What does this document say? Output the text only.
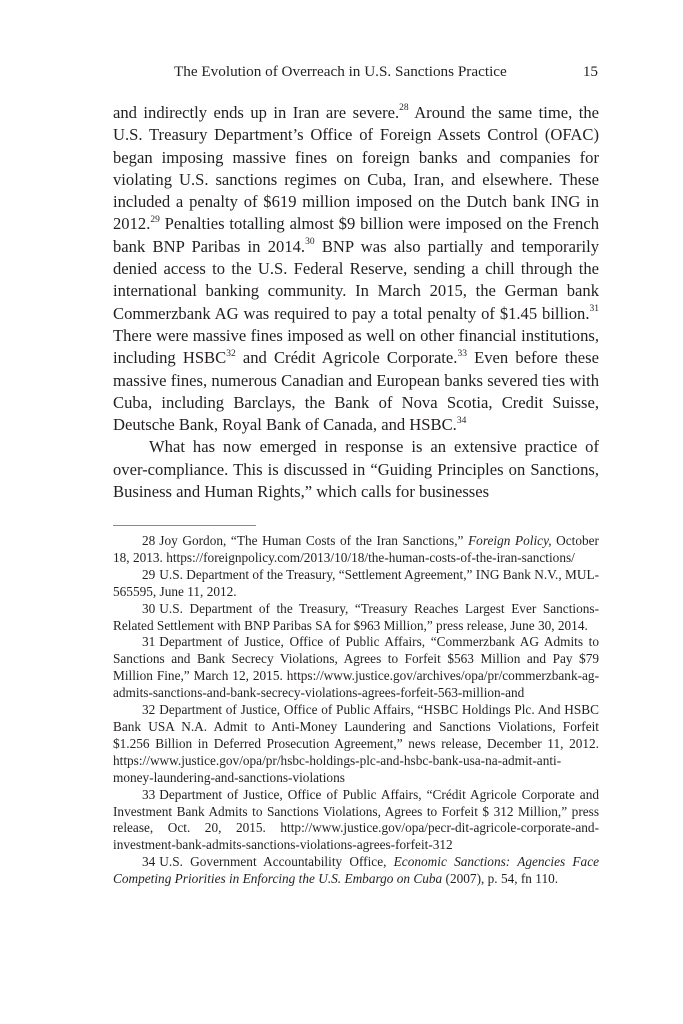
The Evolution of Overreach in U.S. Sanctions Practice	15

and indirectly ends up in Iran are severe.$^{28}$ Around the same time, the U.S. Treasury Department’s Office of Foreign Assets Control (OFAC) began imposing massive fines on foreign banks and companies for violating U.S. sanctions regimes on Cuba, Iran, and elsewhere. These included a penalty of $619 million imposed on the Dutch bank ING in 2012.29 Penalties totalling almost $9 billion were imposed on the French bank BNP Paribas in 2014.30 BNP was also partially and temporarily denied access to the U.S. Federal Reserve, sending a chill through the international banking community. In March 2015, the German bank Commerzbank AG was required to pay a total penalty of $1.45 billion.$^{31}$ There were massive fines imposed as well on other financial institutions, including HSBC$^{32}$ and Crédit Agricole Corporate.$^{33}$ Even before these massive fines, numerous Canadian and European banks severed ties with Cuba, including Barclays, the Bank of Nova Scotia, Credit Suisse, Deutsche Bank, Royal Bank of Canada, and HSBC.$^{34}$

What has now emerged in response is an extensive practice of over-compliance. This is discussed in “Guiding Principles on Sanctions, Business and Human Rights,” which calls for businesses

28 Joy Gordon, “The Human Costs of the Iran Sanctions,” Foreign Policy, October 18, 2013. https://foreignpolicy.com/2013/10/18/the-human-costs-of-the-iran-sanctions/

29 U.S. Department of the Treasury, “Settlement Agreement,” ING Bank N.V., MUL-565595, June 11, 2012.

30 U.S. Department of the Treasury, “Treasury Reaches Largest Ever Sanctions-Related Settlement with BNP Paribas SA for $963 Million,” press release, June 30, 2014.

31 Department of Justice, Office of Public Affairs, “Commerzbank AG Admits to Sanctions and Bank Secrecy Violations, Agrees to Forfeit $563 Million and Pay $79 Million Fine,” March 12, 2015. https://www.justice.gov/archives/opa/pr/commerzbank-ag-admits-sanctions-and-bank-secrecy-violations-agrees-forfeit-563-million-and

32 Department of Justice, Office of Public Affairs, “HSBC Holdings Plc. And HSBC Bank USA N.A. Admit to Anti-Money Laundering and Sanctions Violations, Forfeit $1.256 Billion in Deferred Prosecution Agreement,” news release, December 11, 2012. https://www.justice.gov/opa/pr/hsbc-holdings-plc-and-hsbc-bank-usa-na-admit-anti-money-laundering-and-sanctions-violations

33 Department of Justice, Office of Public Affairs, “Crédit Agricole Corporate and Investment Bank Admits to Sanctions Violations, Agrees to Forfeit $ 312 Million,” press release, Oct. 20, 2015. http://www.justice.gov/opa/pecr-dit-agricole-corporate-and-investment-bank-admits-sanctions-violations-agrees-forfeit-312

34 U.S. Government Accountability Office, Economic Sanctions: Agencies Face Competing Priorities in Enforcing the U.S. Embargo on Cuba (2007), p. 54, fn 110.
